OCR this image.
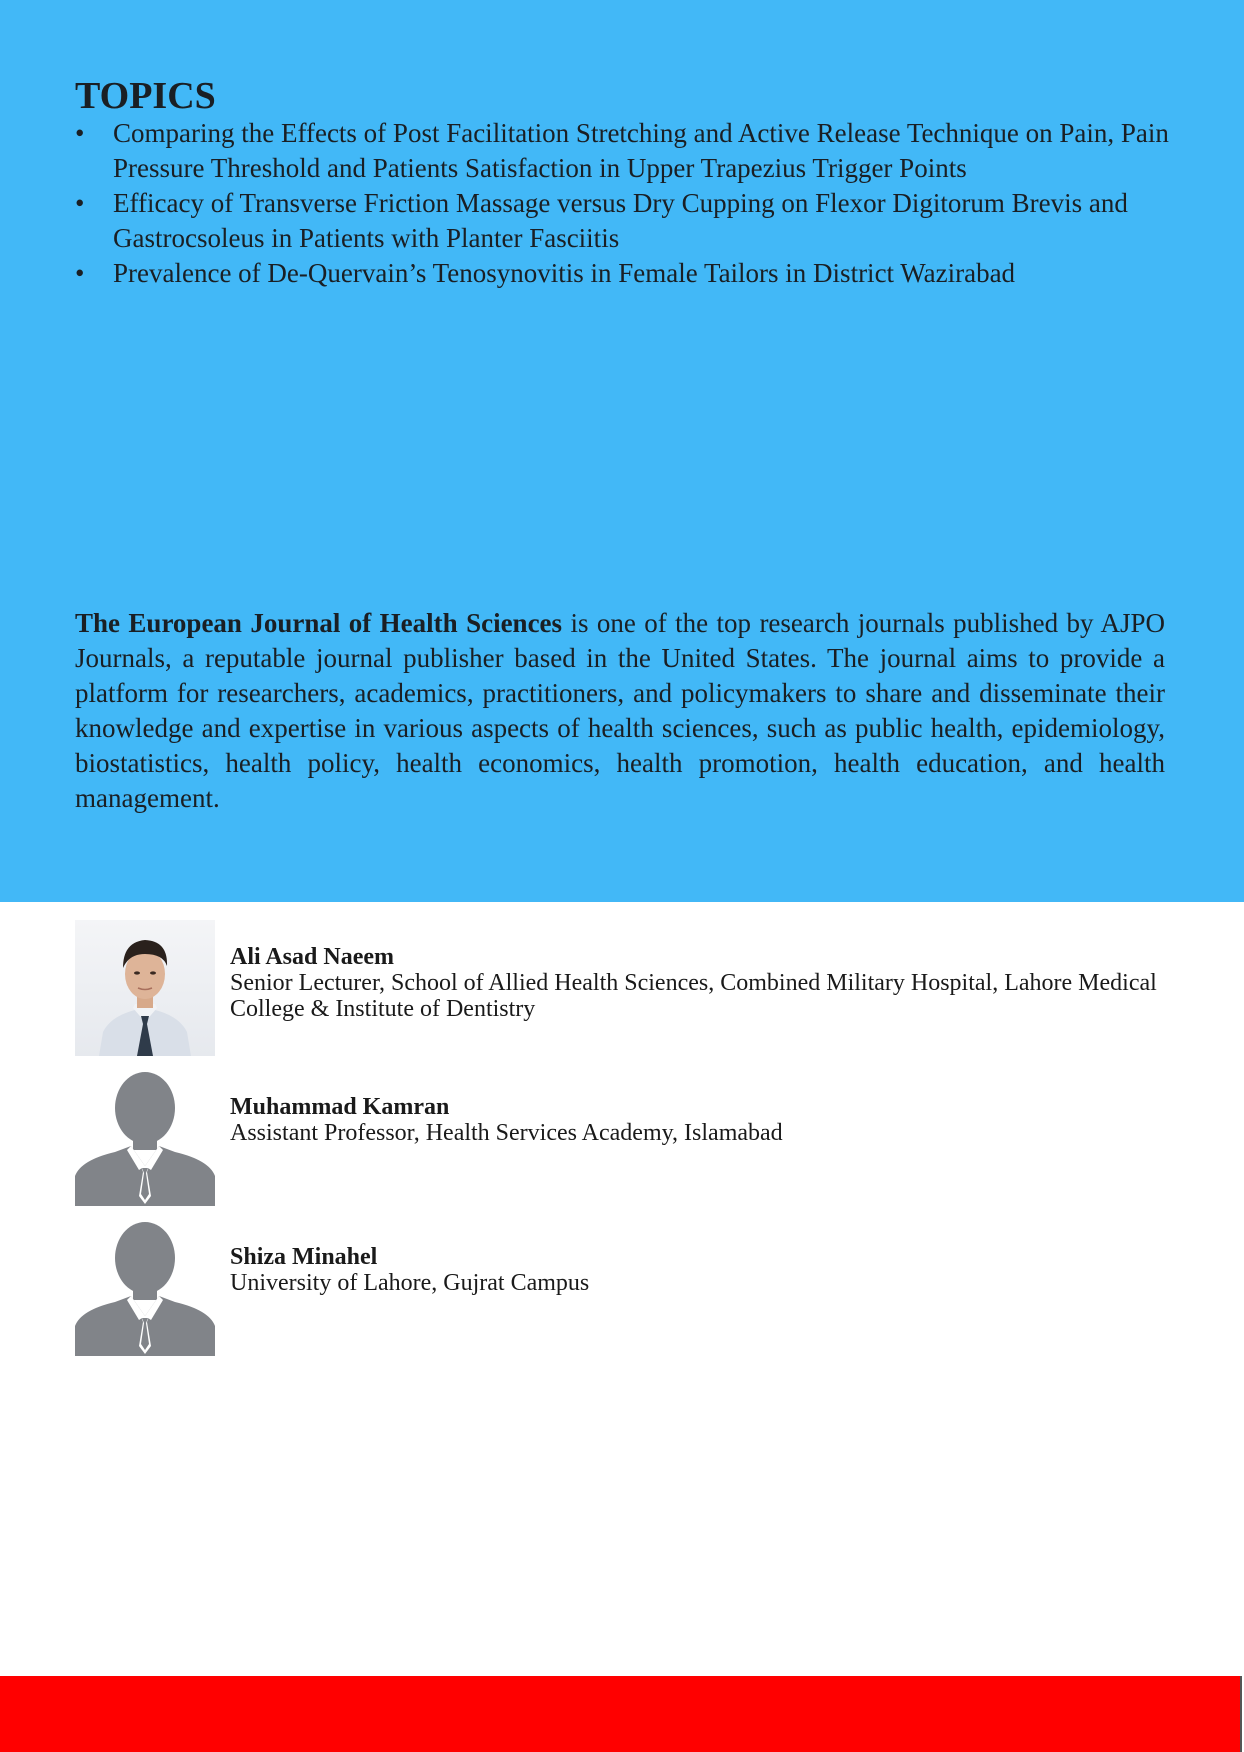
TOPICS
• Comparing the Effects of Post Facilitation Stretching and Active Release Technique on Pain, Pain Pressure Threshold and Patients Satisfaction in Upper Trapezius Trigger Points
• Efficacy of Transverse Friction Massage versus Dry Cupping on Flexor Digitorum Brevis and Gastrocsoleus in Patients with Planter Fasciitis
• Prevalence of De-Quervain’s Tenosynovitis in Female Tailors in District Wazirabad

The European Journal of Health Sciences is one of the top research journals published by AJPO Journals, a reputable journal publisher based in the United States. The journal aims to provide a platform for researchers, academics, practitioners, and policymakers to share and disseminate their knowledge and expertise in various aspects of health sciences, such as public health, epidemiology, biostatistics, health policy, health economics, health promotion, health education, and health management.

Ali Asad Naeem
Senior Lecturer, School of Allied Health Sciences, Combined Military Hospital, Lahore Medical College & Institute of Dentistry
Muhammad Kamran
Assistant Professor, Health Services Academy, Islamabad
Shiza Minahel
University of Lahore, Gujrat Campus
